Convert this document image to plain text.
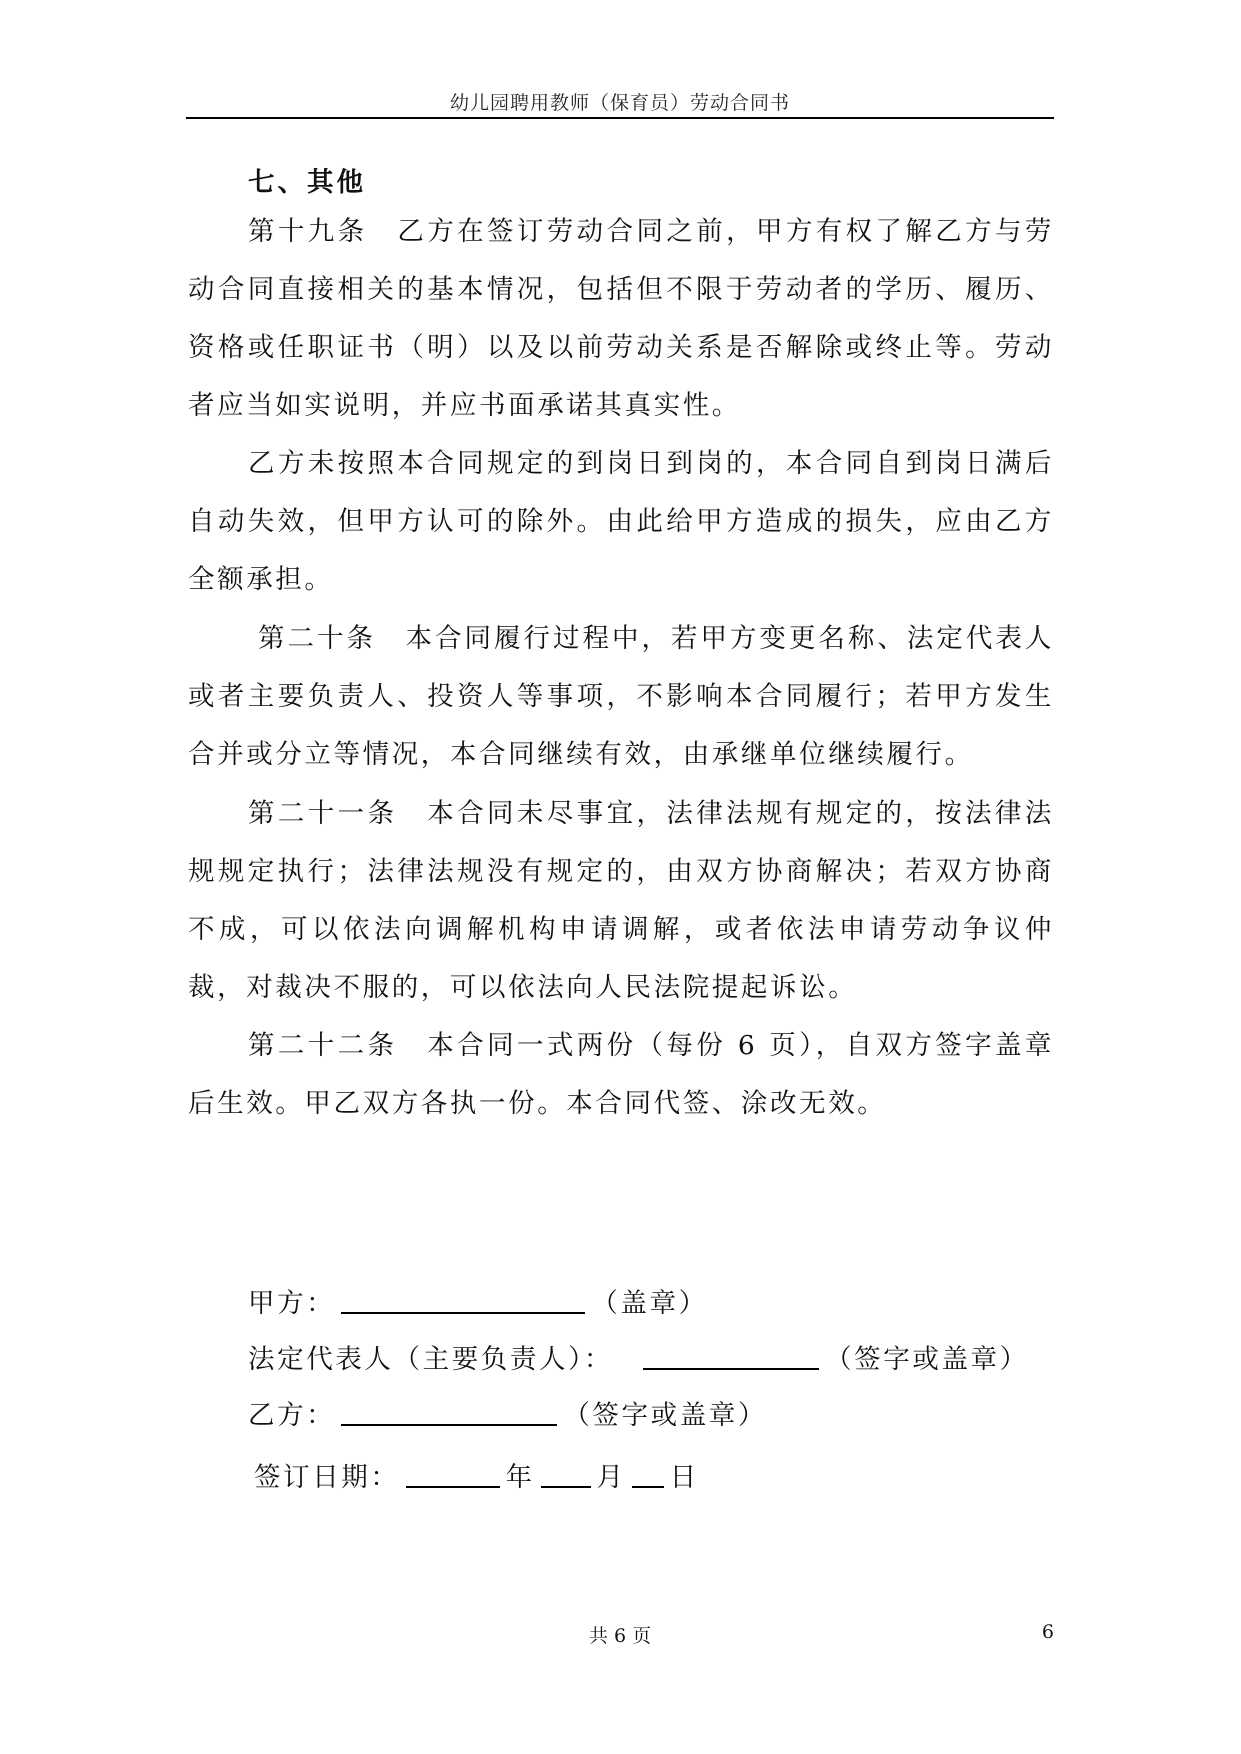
幼儿园聘用教师（保育员）劳动合同书
七、其他
第十九条　乙方在签订劳动合同之前，甲方有权了解乙方与劳动合同直接相关的基本情况，包括但不限于劳动者的学历、履历、资格或任职证书（明）以及以前劳动关系是否解除或终止等。劳动者应当如实说明，并应书面承诺其真实性。
乙方未按照本合同规定的到岗日到岗的，本合同自到岗日满后自动失效，但甲方认可的除外。由此给甲方造成的损失，应由乙方全额承担。
第二十条　本合同履行过程中，若甲方变更名称、法定代表人或者主要负责人、投资人等事项，不影响本合同履行；若甲方发生合并或分立等情况，本合同继续有效，由承继单位继续履行。
第二十一条　本合同未尽事宜，法律法规有规定的，按法律法规规定执行；法律法规没有规定的，由双方协商解决；若双方协商不成，可以依法向调解机构申请调解，或者依法申请劳动争议仲裁，对裁决不服的，可以依法向人民法院提起诉讼。
第二十二条　本合同一式两份（每份 6 页），自双方签字盖章后生效。甲乙双方各执一份。本合同代签、涂改无效。
甲方：	（盖章）
法定代表人（主要负责人）：	（签字或盖章）
乙方：	（签字或盖章）
签订日期：	年 月 日
共 6 页	6
